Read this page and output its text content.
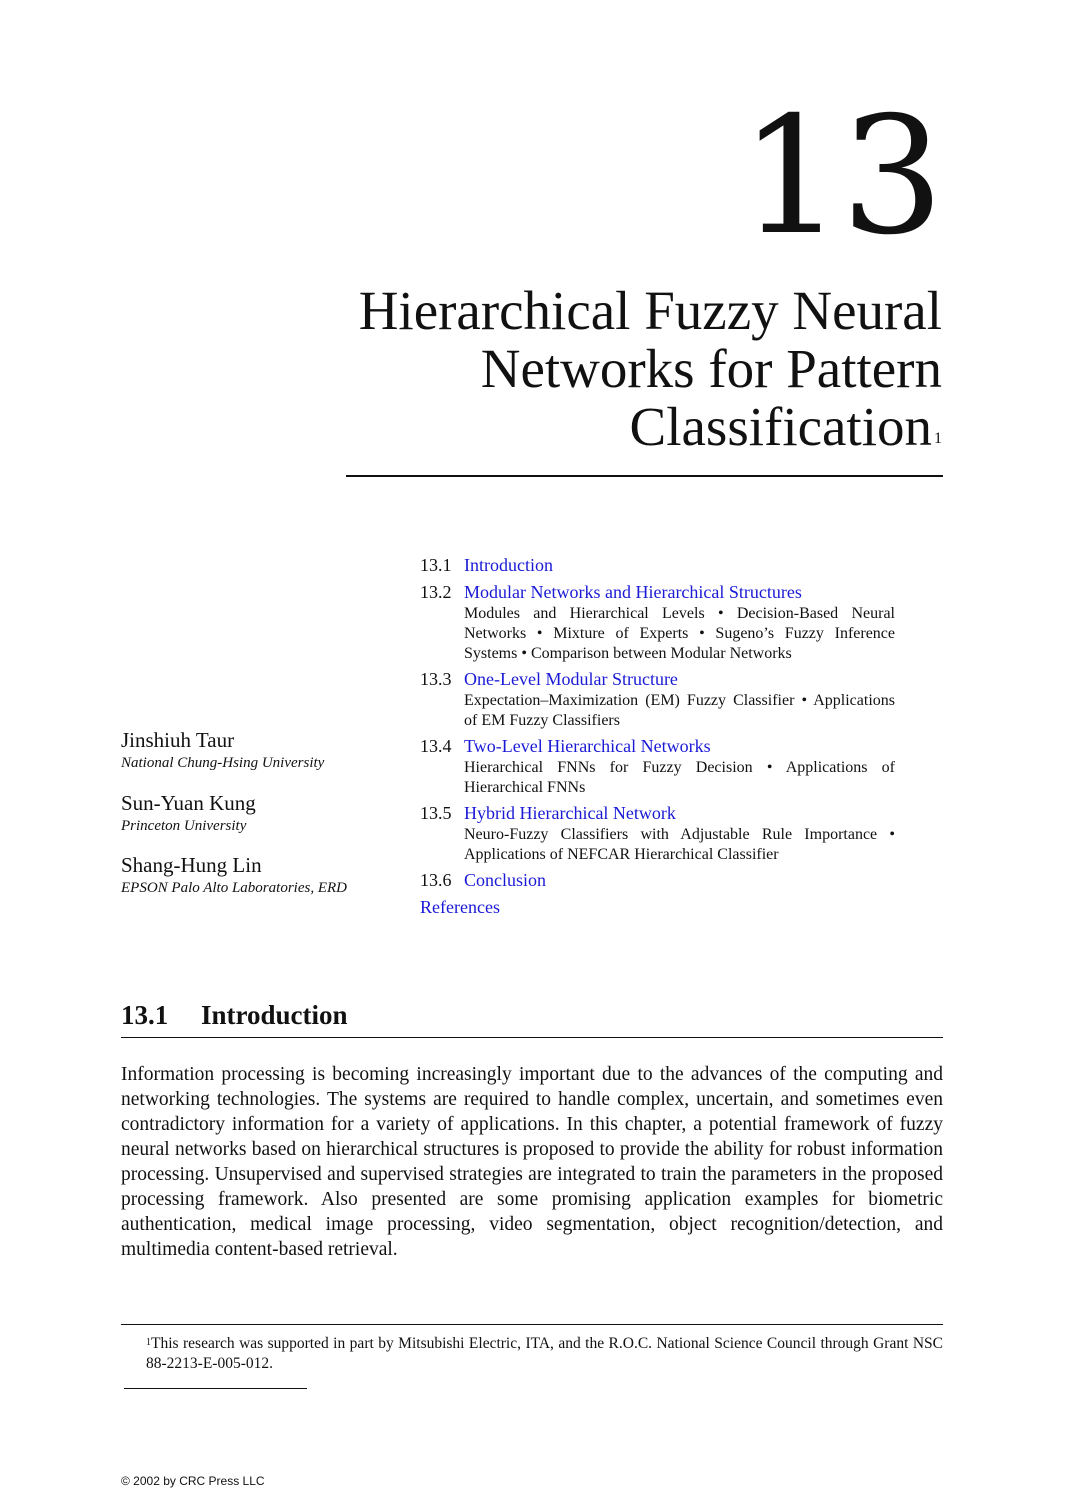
13
Hierarchical Fuzzy Neural
Networks for Pattern
Classification $^1$
13.1 Introduction
13.2 Modular Networks and Hierarchical Structures
Modules and Hierarchical Levels • Decision-Based Neural Networks • Mixture of Experts • Sugeno’s Fuzzy Inference Systems • Comparison between Modular Networks
13.3 One-Level Modular Structure
Expectation–Maximization (EM) Fuzzy Classifier • Applications of EM Fuzzy Classifiers
13.4 Two-Level Hierarchical Networks
Hierarchical FNNs for Fuzzy Decision • Applications of Hierarchical FNNs
13.5 Hybrid Hierarchical Network
Neuro-Fuzzy Classifiers with Adjustable Rule Importance • Applications of NEFCAR Hierarchical Classifier
13.6 Conclusion
References
Jinshiuh Taur
National Chung-Hsing University
Sun-Yuan Kung
Princeton University
Shang-Hung Lin
EPSON Palo Alto Laboratories, ERD
13.1 Introduction

Information processing is becoming increasingly important due to the advances of the computing and networking technologies. The systems are required to handle complex, uncertain, and sometimes even contradictory information for a variety of applications. In this chapter, a potential framework of fuzzy neural networks based on hierarchical structures is proposed to provide the ability for robust information processing. Unsupervised and supervised strategies are integrated to train the parameters in the proposed processing framework. Also presented are some promising application examples for biometric authentication, medical image processing, video segmentation, object recognition/detection, and multimedia content-based retrieval.

$^1$This research was supported in part by Mitsubishi Electric, ITA, and the R.O.C. National Science Council through Grant NSC 88-2213-E-005-012.

© 2002 by CRC Press LLC
